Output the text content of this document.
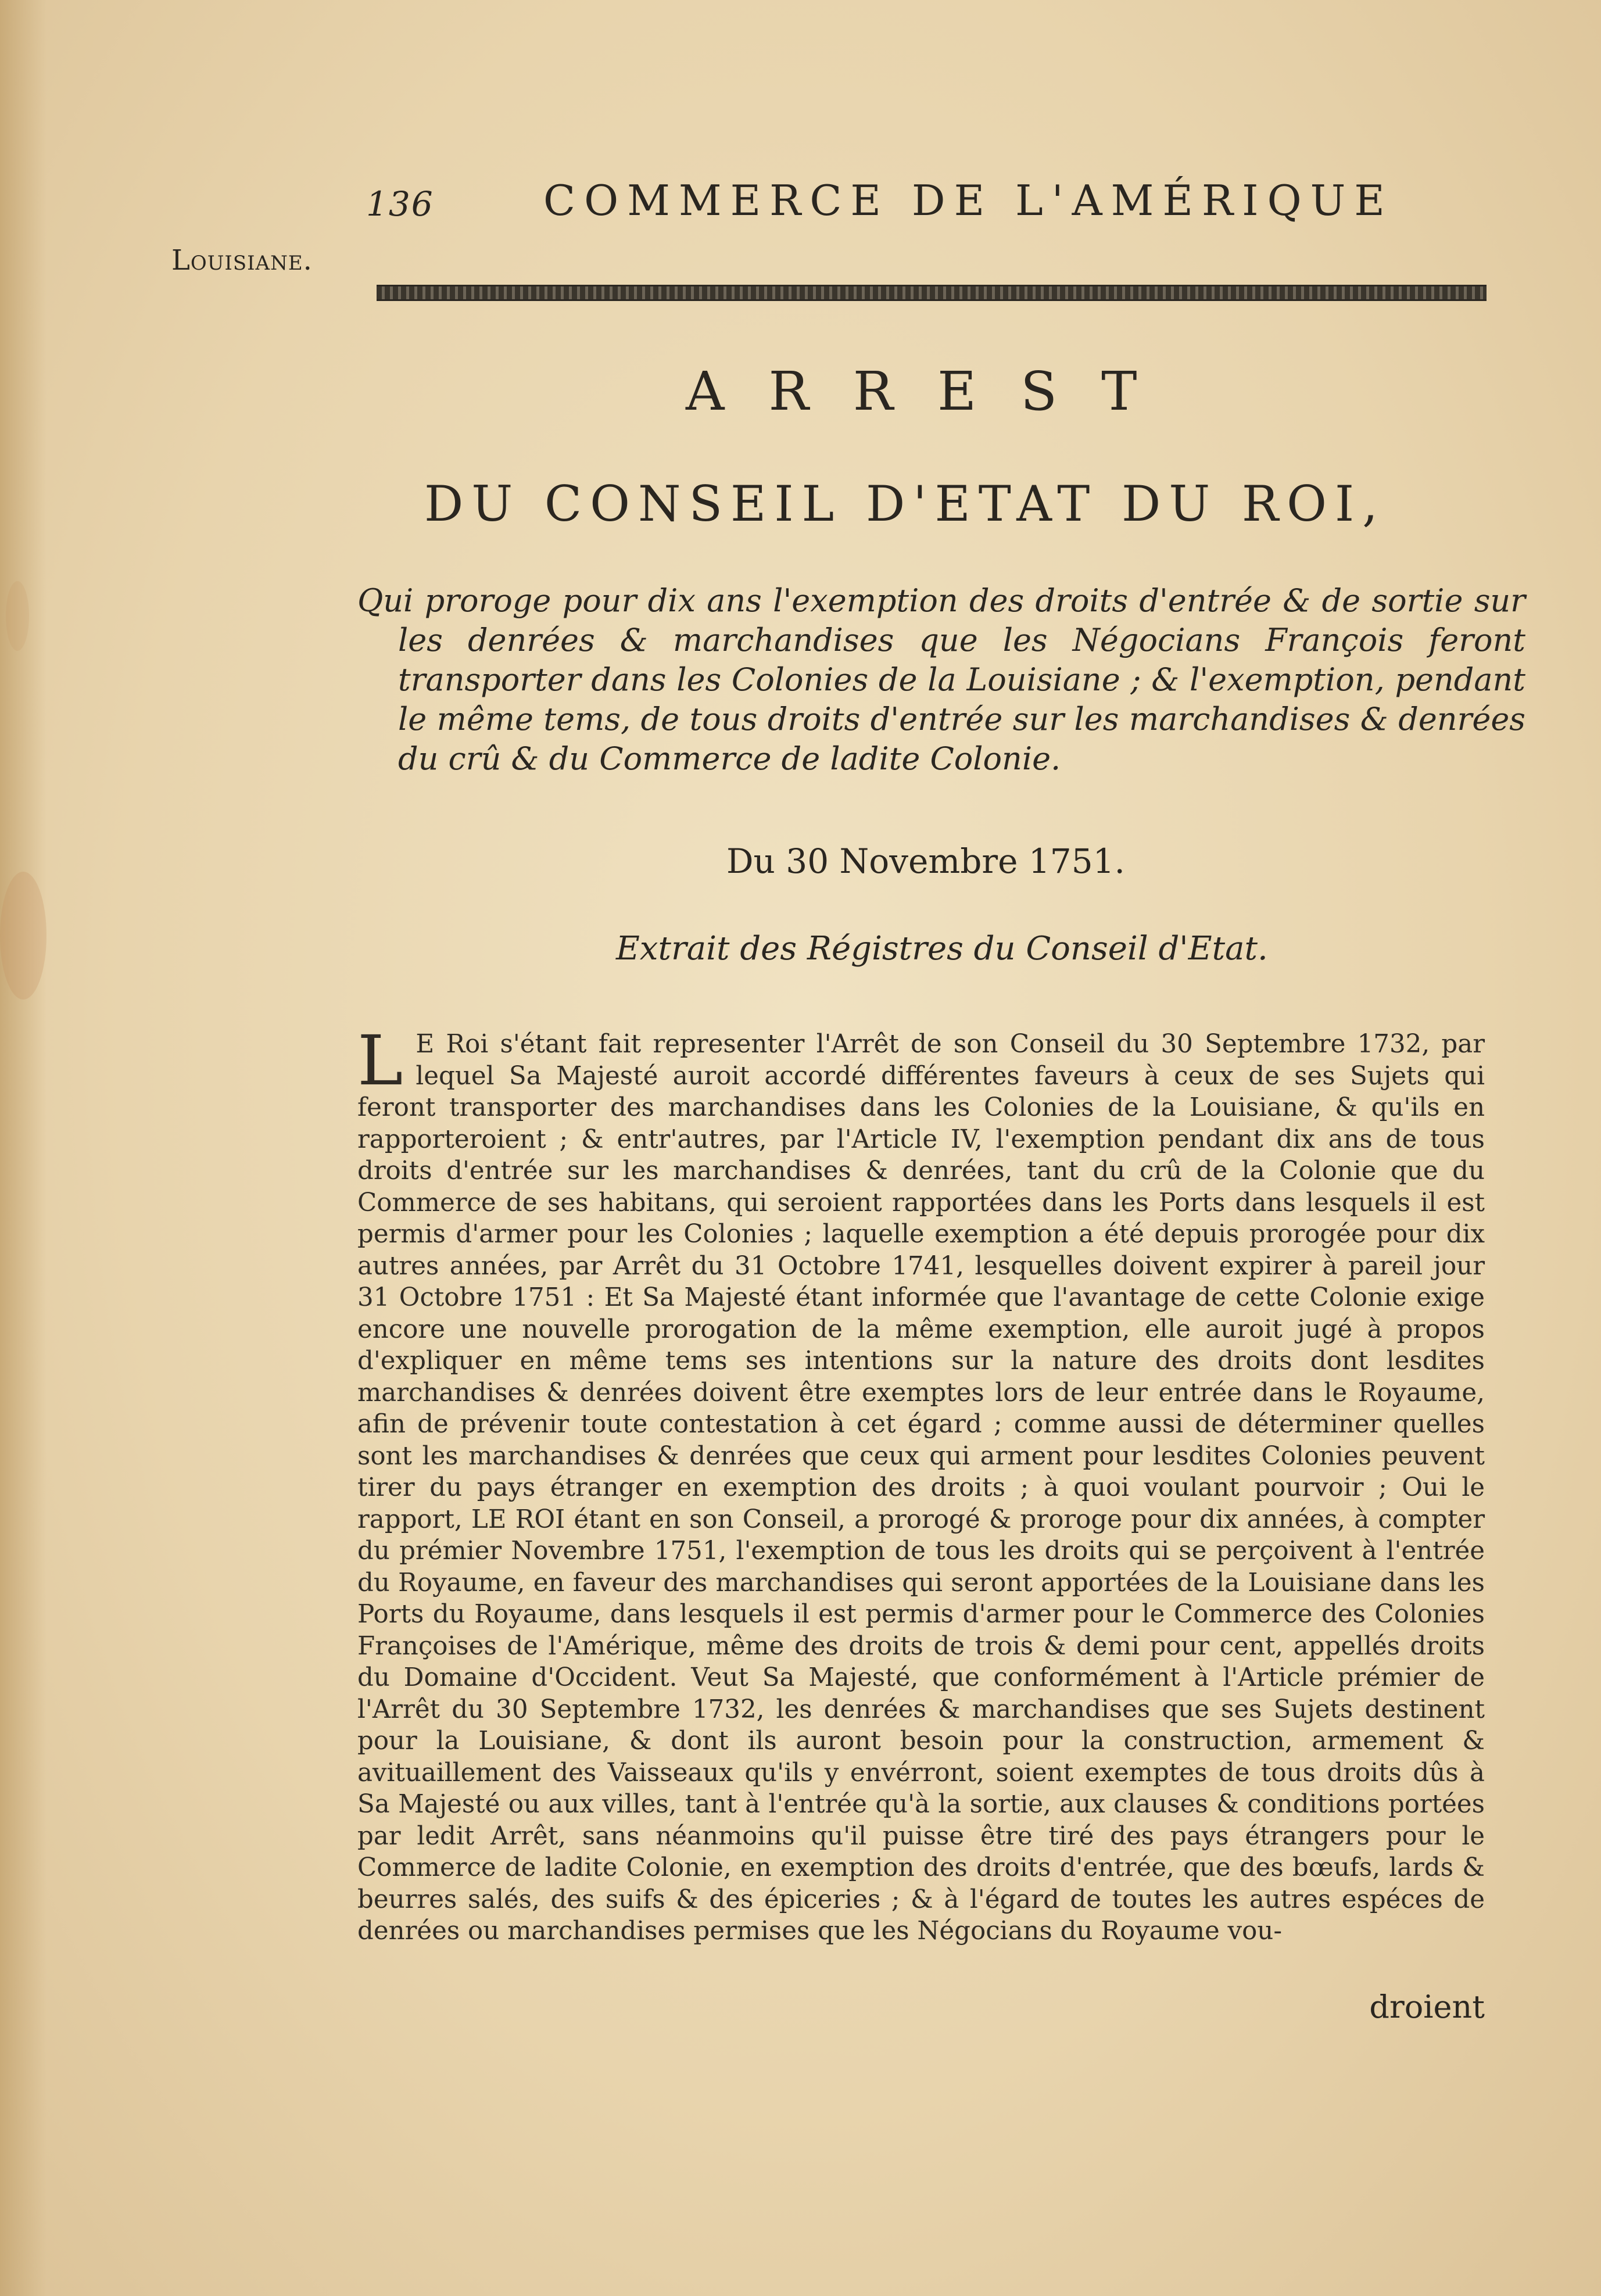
136	COMMERCE DE L'AMÉRIQUE
Louisiane.
ARREST
DU CONSEIL D'ETAT DU ROI,
Qui proroge pour dix ans l'exemption des droits d'entrée & de sortie sur les denrées & marchandises que les Négocians François feront transporter dans les Colonies de la Louisiane ; & l'exemption, pendant le même tems, de tous droits d'entrée sur les marchandises & denrées du crû & du Commerce de ladite Colonie.
Du 30 Novembre 1751.
Extrait des Régistres du Conseil d'Etat.
L E Roi s'étant fait representer l'Arrêt de son Conseil du 30 Septembre 1732, par lequel Sa Majesté auroit accordé différentes faveurs à ceux de ses Sujets qui feront transporter des marchandises dans les Colonies de la Louisiane, & qu'ils en rapporteroient ; & entr'autres, par l'Article IV, l'exemption pendant dix ans de tous droits d'entrée sur les marchandises & denrées, tant du crû de la Colonie que du Commerce de ses habitans, qui seroient rapportées dans les Ports dans lesquels il est permis d'armer pour les Colonies ; laquelle exemption a été depuis prorogée pour dix autres années, par Arrêt du 31 Octobre 1741, lesquelles doivent expirer à pareil jour 31 Octobre 1751 : Et Sa Majesté étant informée que l'avantage de cette Colonie exige encore une nouvelle prorogation de la même exemption, elle auroit jugé à propos d'expliquer en même tems ses intentions sur la nature des droits dont lesdites marchandises & denrées doivent être exemptes lors de leur entrée dans le Royaume, afin de prévenir toute contestation à cet égard ; comme aussi de déterminer quelles sont les marchandises & denrées que ceux qui arment pour lesdites Colonies peuvent tirer du pays étranger en exemption des droits ; à quoi voulant pourvoir ; Oui le rapport, LE ROI étant en son Conseil, a prorogé & proroge pour dix années, à compter du prémier Novembre 1751, l'exemption de tous les droits qui se perçoivent à l'entrée du Royaume, en faveur des marchandises qui seront apportées de la Louisiane dans les Ports du Royaume, dans lesquels il est permis d'armer pour le Commerce des Colonies Françoises de l'Amérique, même des droits de trois & demi pour cent, appellés droits du Domaine d'Occident. Veut Sa Majesté, que conformément à l'Article prémier de l'Arrêt du 30 Septembre 1732, les denrées & marchandises que ses Sujets destinent pour la Louisiane, & dont ils auront besoin pour la construction, armement & avituaillement des Vaisseaux qu'ils y envérront, soient exemptes de tous droits dûs à Sa Majesté ou aux villes, tant à l'entrée qu'à la sortie, aux clauses & conditions portées par ledit Arrêt, sans néanmoins qu'il puisse être tiré des pays étrangers pour le Commerce de ladite Colonie, en exemption des droits d'entrée, que des bœufs, lards & beurres salés, des suifs & des épiceries ; & à l'égard de toutes les autres espéces de denrées ou marchandises permises que les Négocians du Royaume vou-
droient
